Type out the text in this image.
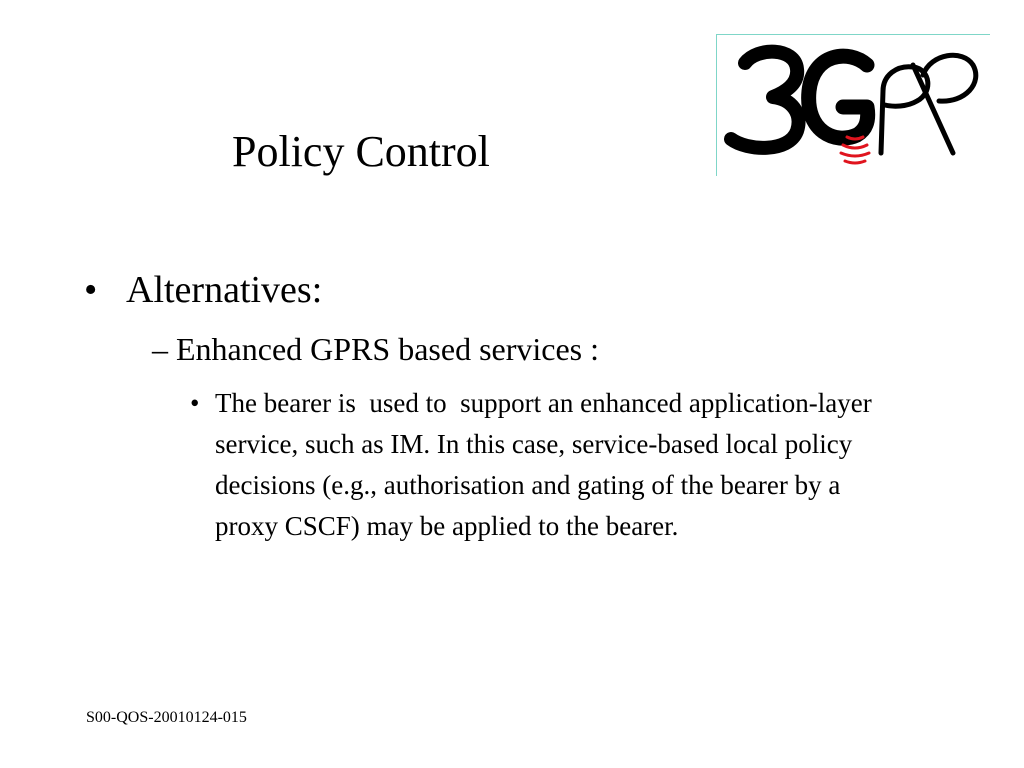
Policy Control
• Alternatives:
– Enhanced GPRS based services :
• The bearer is  used to  support an enhanced application-layer service, such as IM. In this case, service-based local policy decisions (e.g., authorisation and gating of the bearer by a proxy CSCF) may be applied to the bearer.
S00-QOS-20010124-015
